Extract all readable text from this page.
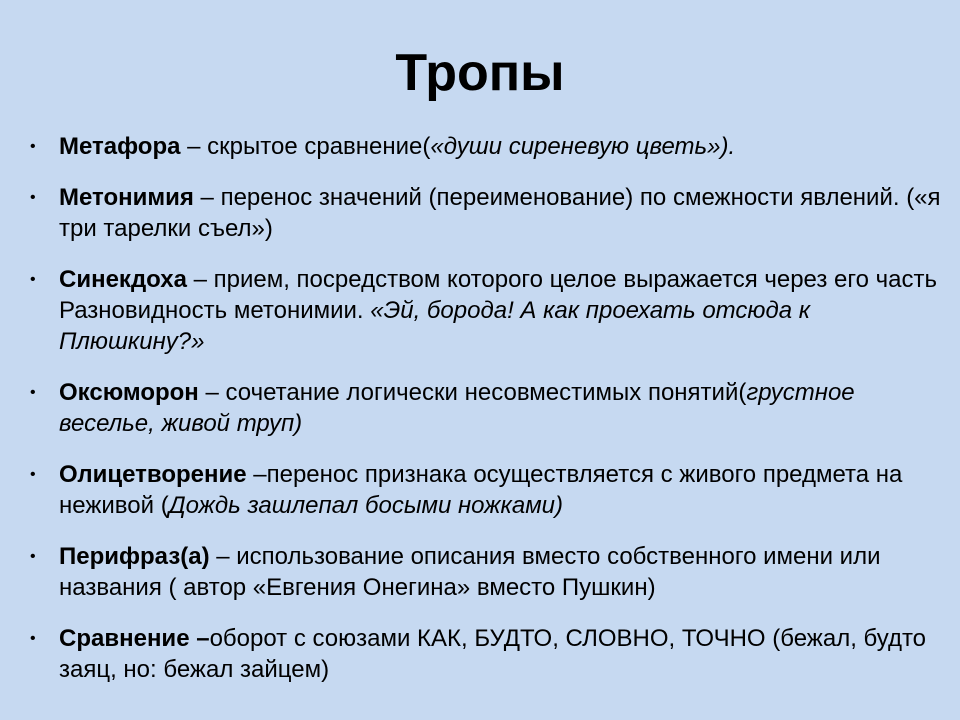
Тропы
• Метафора – скрытое сравнение(«души сиреневую цветь»).
• Метонимия – перенос значений (переименование) по смежности явлений. («я три тарелки съел»)
• Синекдоха – прием, посредством которого целое выражается через его часть Разновидность метонимии. «Эй, борода! А как проехать отсюда к Плюшкину?»
• Оксюморон – сочетание логически несовместимых понятий(грустное веселье, живой труп)
• Олицетворение –перенос признака осуществляется с живого предмета на неживой (Дождь зашлепал босыми ножками)
• Перифраз(а) – использование описания вместо собственного имени или названия ( автор «Евгения Онегина» вместо Пушкин)
• Сравнение –оборот с союзами КАК, БУДТО, СЛОВНО, ТОЧНО (бежал, будто заяц, но: бежал зайцем)
